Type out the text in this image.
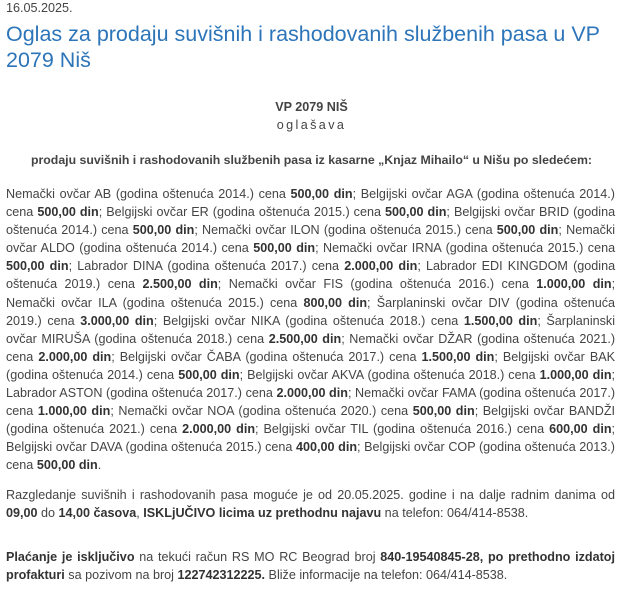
16.05.2025.
Oglas za prodaju suvišnih i rashodovanih službenih pasa u VP 2079 Niš
VP 2079 NIŠ
oglašava
prodaju suvišnih i rashodovanih službenih pasa iz kasarne „Knjaz Mihailo“ u Nišu po sledećem:
Nemački ovčar AB (godina oštenuća 2014.) cena 500,00 din; Belgijski ovčar AGA (godina oštenuća 2014.) cena 500,00 din; Belgijski ovčar ER (godina oštenuća 2015.) cena 500,00 din; Belgijski ovčar BRID (godina oštenuća 2014.) cena 500,00 din; Nemački ovčar ILON (godina oštenuća 2015.) cena 500,00 din; Nemački ovčar ALDO (godina oštenuća 2014.) cena 500,00 din; Nemački ovčar IRNA (godina oštenuća 2015.) cena 500,00 din; Labrador DINA (godina oštenuća 2017.) cena 2.000,00 din; Labrador EDI KINGDOM (godina oštenuća 2019.) cena 2.500,00 din; Nemački ovčar FIS (godina oštenuća 2016.) cena 1.000,00 din; Nemački ovčar ILA (godina oštenuća 2015.) cena 800,00 din; Šarplaninski ovčar DIV (godina oštenuća 2019.) cena 3.000,00 din; Belgijski ovčar NIKA (godina oštenuća 2018.) cena 1.500,00 din; Šarplaninski ovčar MIRUŠA (godina oštenuća 2018.) cena 2.500,00 din; Nemački ovčar DŽAR (godina oštenuća 2021.) cena 2.000,00 din; Belgijski ovčar ČABA (godina oštenuća 2017.) cena 1.500,00 din; Belgijski ovčar BAK (godina oštenuća 2014.) cena 500,00 din; Belgijski ovčar AKVA (godina oštenuća 2018.) cena 1.000,00 din; Labrador ASTON (godina oštenuća 2017.) cena 2.000,00 din; Nemački ovčar FAMA (godina oštenuća 2017.) cena 1.000,00 din; Nemački ovčar NOA (godina oštenuća 2020.) cena 500,00 din; Belgijski ovčar BANDŽI (godina oštenuća 2021.) cena 2.000,00 din; Belgijski ovčar TIL (godina oštenuća 2016.) cena 600,00 din; Belgijski ovčar DAVA (godina oštenuća 2015.) cena 400,00 din; Belgijski ovčar COP (godina oštenuća 2013.) cena 500,00 din.
Razgledanje suvišnih i rashodovanih pasa moguće je od 20.05.2025. godine i na dalje radnim danima od 09,00 do 14,00 časova, ISKLjUČIVO licima uz prethodnu najavu na telefon: 064/414-8538.
Plaćanje je isključivo na tekući račun RS MO RC Beograd broj 840-19540845-28, po prethodno izdatoj profakturi sa pozivom na broj 122742312225. Bliže informacije na telefon: 064/414-8538.
